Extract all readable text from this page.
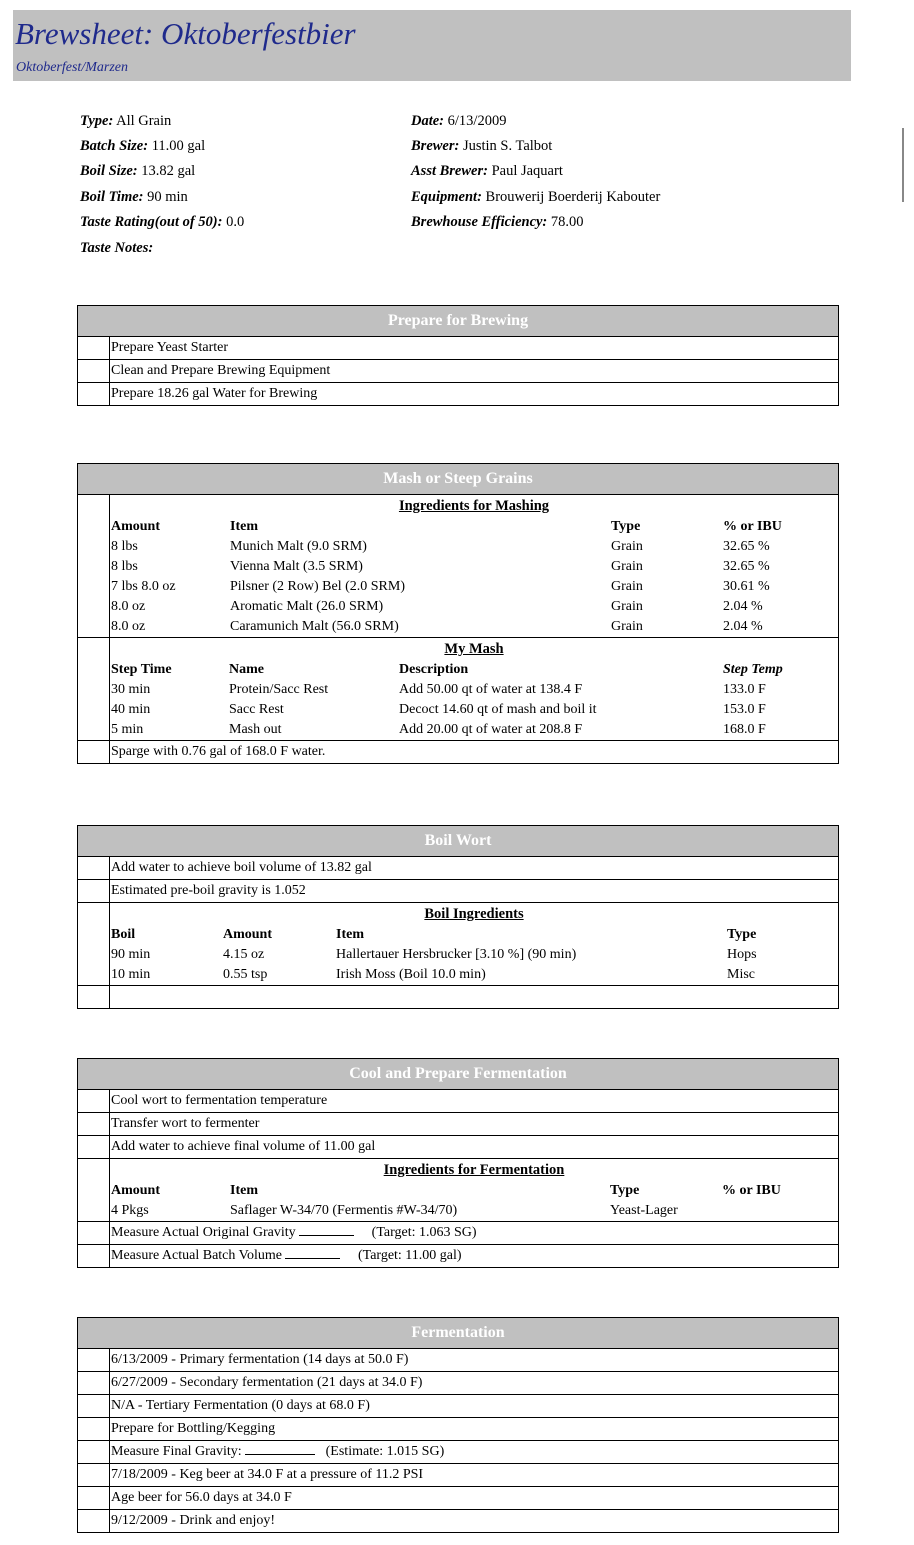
Brewsheet: Oktoberfestbier
Oktoberfest/Marzen
Type: All Grain
Batch Size: 11.00 gal
Boil Size: 13.82 gal
Boil Time: 90 min
Taste Rating(out of 50): 0.0
Taste Notes:
Date: 6/13/2009
Brewer: Justin S. Talbot
Asst Brewer: Paul Jaquart
Equipment: Brouwerij Boerderij Kabouter
Brewhouse Efficiency: 78.00
Prepare for Brewing
Prepare Yeast Starter
Clean and Prepare Brewing Equipment
Prepare 18.26 gal Water for Brewing
Mash or Steep Grains
Ingredients for Mashing
Amount	Item	Type	% or IBU
8 lbs	Munich Malt (9.0 SRM)	Grain	32.65 %
8 lbs	Vienna Malt (3.5 SRM)	Grain	32.65 %
7 lbs 8.0 oz	Pilsner (2 Row) Bel (2.0 SRM)	Grain	30.61 %
8.0 oz	Aromatic Malt (26.0 SRM)	Grain	2.04 %
8.0 oz	Caramunich Malt (56.0 SRM)	Grain	2.04 %
My Mash
Step Time	Name	Description	Step Temp
30 min	Protein/Sacc Rest	Add 50.00 qt of water at 138.4 F	133.0 F
40 min	Sacc Rest	Decoct 14.60 qt of mash and boil it	153.0 F
5 min	Mash out	Add 20.00 qt of water at 208.8 F	168.0 F
Sparge with 0.76 gal of 168.0 F water.
Boil Wort
Add water to achieve boil volume of 13.82 gal
Estimated pre-boil gravity is 1.052
Boil Ingredients
Boil	Amount	Item	Type
90 min	4.15 oz	Hallertauer Hersbrucker [3.10 %] (90 min)	Hops
10 min	0.55 tsp	Irish Moss (Boil 10.0 min)	Misc
Cool and Prepare Fermentation
Cool wort to fermentation temperature
Transfer wort to fermenter
Add water to achieve final volume of 11.00 gal
Ingredients for Fermentation
Amount	Item	Type	% or IBU
4 Pkgs	Saflager W-34/70 (Fermentis #W-34/70)	Yeast-Lager	
Measure Actual Original Gravity	(Target: 1.063 SG)
Measure Actual Batch Volume	(Target: 11.00 gal)
Fermentation
6/13/2009 - Primary fermentation (14 days at 50.0 F)
6/27/2009 - Secondary fermentation (21 days at 34.0 F)
N/A - Tertiary Fermentation (0 days at 68.0 F)
Prepare for Bottling/Kegging
Measure Final Gravity:	(Estimate: 1.015 SG)
7/18/2009 - Keg beer at 34.0 F at a pressure of 11.2 PSI
Age beer for 56.0 days at 34.0 F
9/12/2009 - Drink and enjoy!
